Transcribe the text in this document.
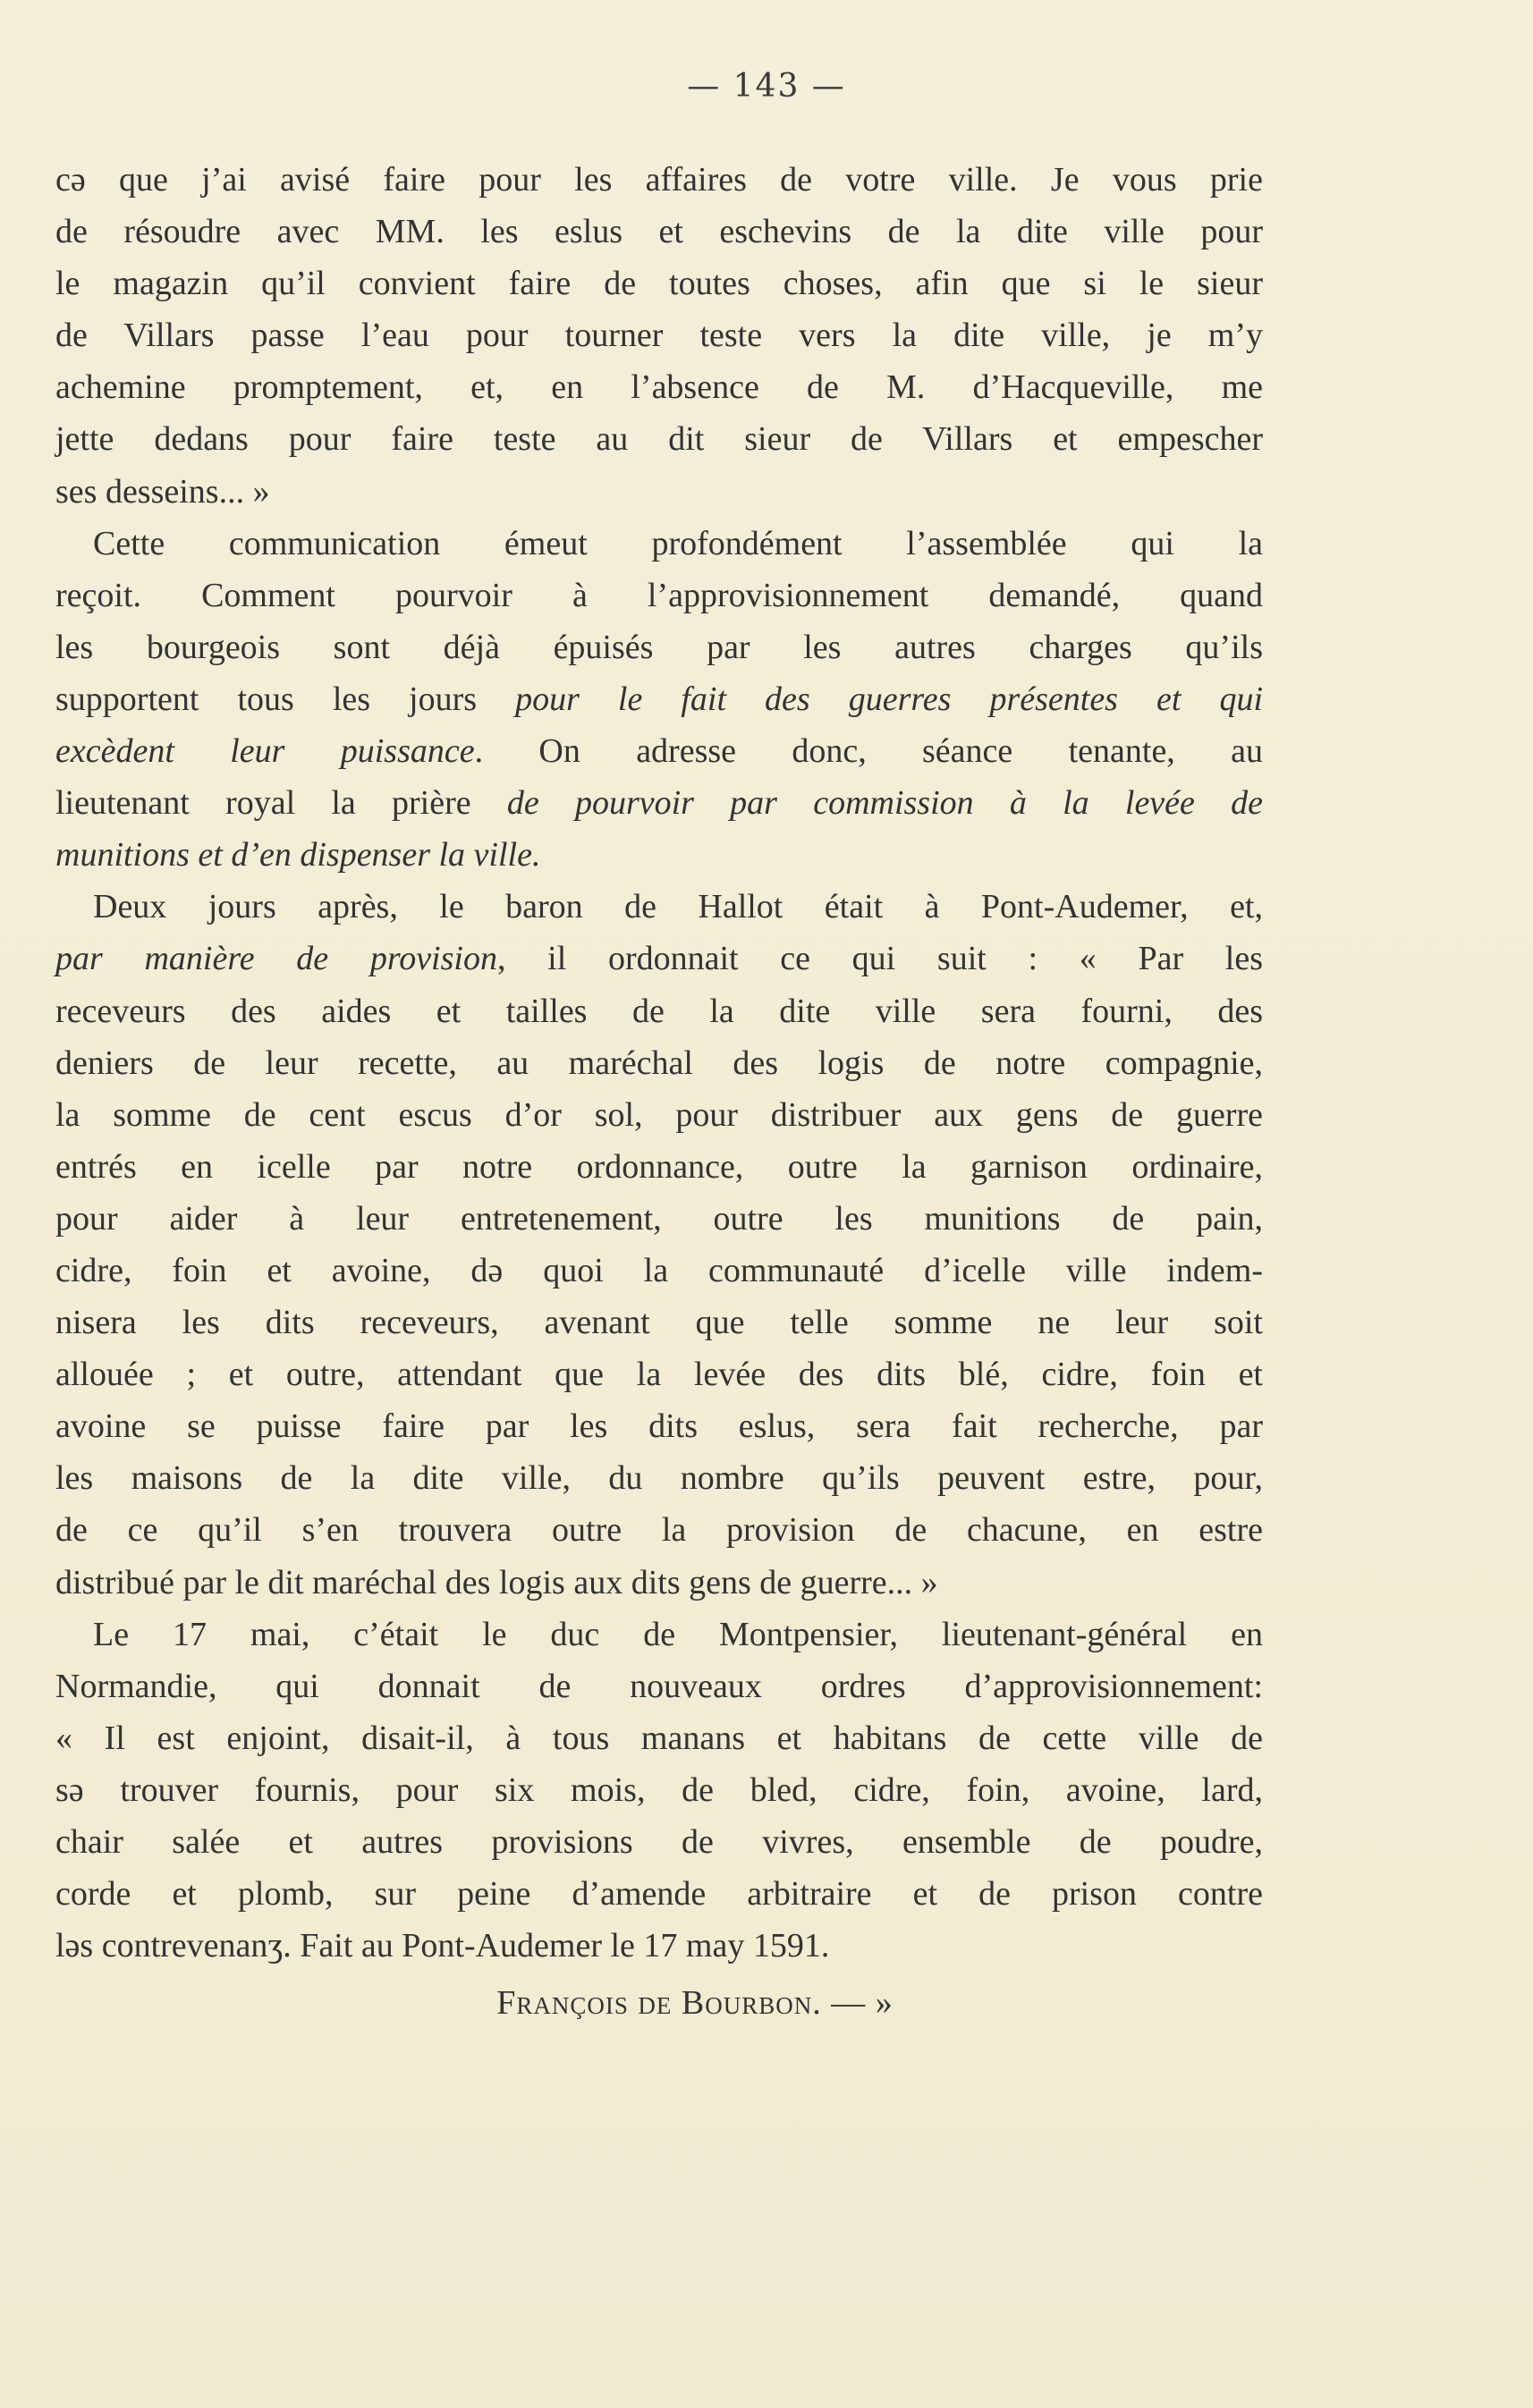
— 143 —
cə que j’ai avisé faire pour les affaires de votre ville. Je vous prie
de résoudre avec MM. les eslus et eschevins de la dite ville pour
le magazin qu’il convient faire de toutes choses, afin que si le sieur
de Villars passe l’eau pour tourner teste vers la dite ville, je m’y
achemine promptement, et, en l’absence de M. d’Hacqueville, me
jette dedans pour faire teste au dit sieur de Villars et empescher
ses desseins... »
Cette communication émeut profondément l’assemblée qui la
reçoit. Comment pourvoir à l’approvisionnement demandé, quand
les bourgeois sont déjà épuisés par les autres charges qu’ils
supportent tous les jours pour le fait des guerres présentes et qui
excèdent leur puissance. On adresse donc, séance tenante, au
lieutenant royal la prière de pourvoir par commission à la levée de
munitions et d’en dispenser la ville.
Deux jours après, le baron de Hallot était à Pont-Audemer, et,
par manière de provision, il ordonnait ce qui suit : « Par les
receveurs des aides et tailles de la dite ville sera fourni, des
deniers de leur recette, au maréchal des logis de notre compagnie,
la somme de cent escus d’or sol, pour distribuer aux gens de guerre
entrés en icelle par notre ordonnance, outre la garnison ordinaire,
pour aider à leur entretenement, outre les munitions de pain,
cidre, foin et avoine, də quoi la communauté d’icelle ville indem-
nisera les dits receveurs, avenant que telle somme ne leur soit
allouée ; et outre, attendant que la levée des dits blé, cidre, foin et
avoine se puisse faire par les dits eslus, sera fait recherche, par
les maisons de la dite ville, du nombre qu’ils peuvent estre, pour,
de ce qu’il s’en trouvera outre la provision de chacune, en estre
distribué par le dit maréchal des logis aux dits gens de guerre... »
Le 17 mai, c’était le duc de Montpensier, lieutenant-général en
Normandie, qui donnait de nouveaux ordres d’approvisionnement:
« Il est enjoint, disait-il, à tous manans et habitans de cette ville de
sə trouver fournis, pour six mois, de bled, cidre, foin, avoine, lard,
chair salée et autres provisions de vivres, ensemble de poudre,
corde et plomb, sur peine d’amende arbitraire et de prison contre
ləs contrevenanʒ. Fait au Pont-Audemer le 17 may 1591.
François de Bourbon. — »
